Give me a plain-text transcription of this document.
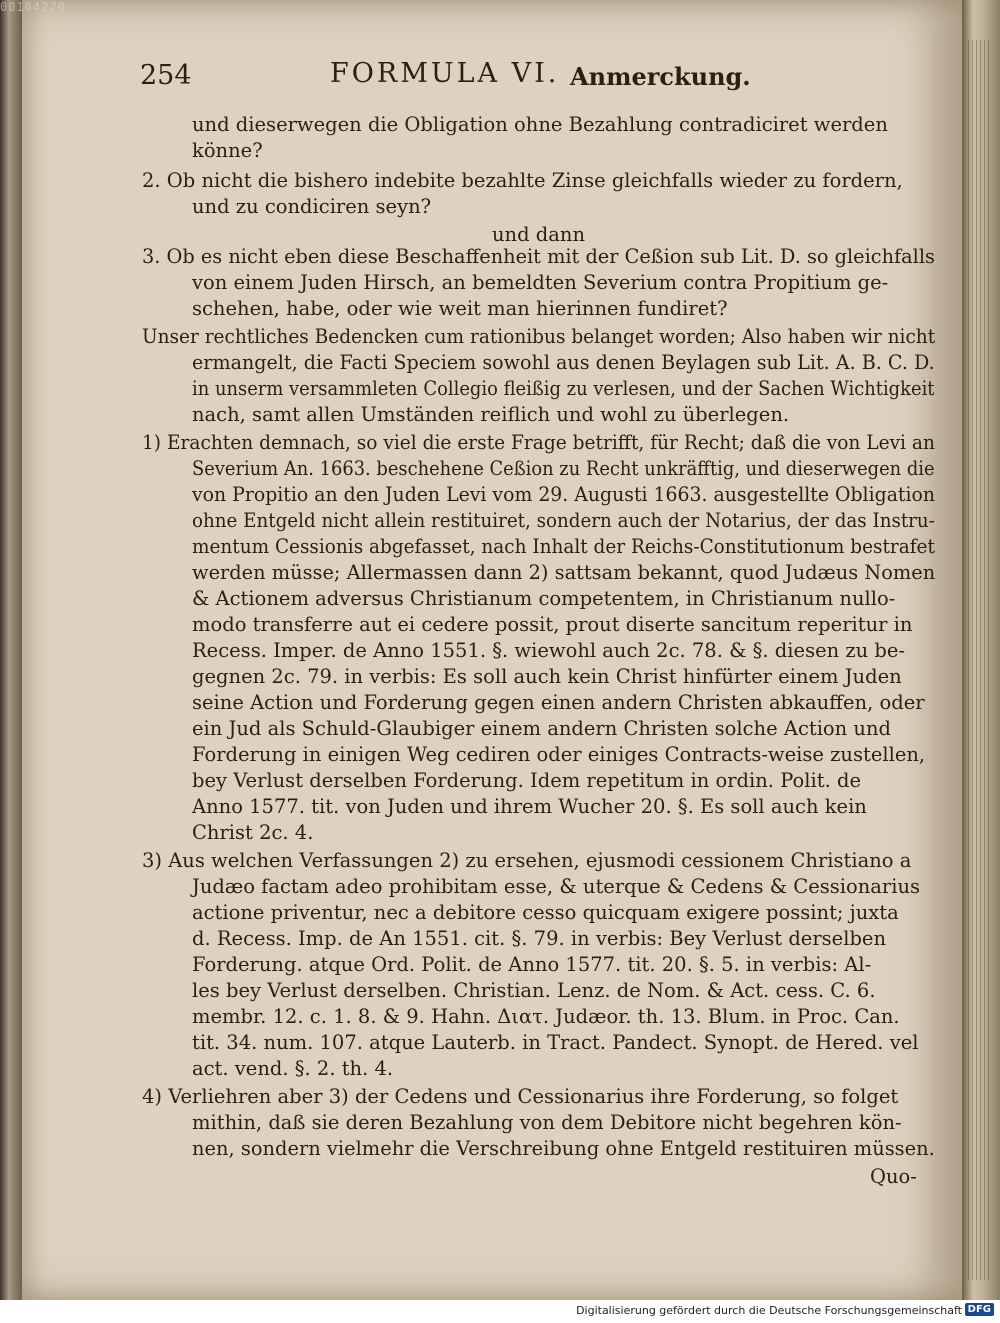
00104270
254	FORMULA VI. Anmerckung.
und dieserwegen die Obligation ohne Bezahlung contradiciret werden
könne?
2. Ob nicht die bishero indebite bezahlte Zinse gleichfalls wieder zu fordern,
und zu condiciren seyn?
und dann
3. Ob es nicht eben diese Beschaffenheit mit der Ceßion sub Lit. D. so gleichfalls
von einem Juden Hirsch, an bemeldten Severium contra Propitium ge-
schehen, habe, oder wie weit man hierinnen fundiret?
Unser rechtliches Bedencken cum rationibus belanget worden; Also haben wir nicht
ermangelt, die Facti Speciem sowohl aus denen Beylagen sub Lit. A. B. C. D.
in unserm versammleten Collegio fleißig zu verlesen, und der Sachen Wichtigkeit
nach, samt allen Umständen reiflich und wohl zu überlegen.
1) Erachten demnach, so viel die erste Frage betrifft, für Recht; daß die von Levi an
Severium An. 1663. beschehene Ceßion zu Recht unkräfftig, und dieserwegen die
von Propitio an den Juden Levi vom 29. Augusti 1663. ausgestellte Obligation
ohne Entgeld nicht allein restituiret, sondern auch der Notarius, der das Instru-
mentum Cessionis abgefasset, nach Inhalt der Reichs-Constitutionum bestrafet
werden müsse; Allermassen dann 2) sattsam bekannt, quod Judæus Nomen
& Actionem adversus Christianum competentem, in Christianum nullo-
modo transferre aut ei cedere possit, prout diserte sancitum reperitur in
Recess. Imper. de Anno 1551. §. wiewohl auch 2c. 78. & §. diesen zu be-
gegnen 2c. 79. in verbis: Es soll auch kein Christ hinfürter einem Juden
seine Action und Forderung gegen einen andern Christen abkauffen, oder
ein Jud als Schuld-Glaubiger einem andern Christen solche Action und
Forderung in einigen Weg cediren oder einiges Contracts-weise zustellen,
bey Verlust derselben Forderung. Idem repetitum in ordin. Polit. de
Anno 1577. tit. von Juden und ihrem Wucher 20. §. Es soll auch kein
Christ 2c. 4.
3) Aus welchen Verfassungen 2) zu ersehen, ejusmodi cessionem Christiano a
Judæo factam adeo prohibitam esse, & uterque & Cedens & Cessionarius
actione priventur, nec a debitore cesso quicquam exigere possint; juxta
d. Recess. Imp. de An 1551. cit. §. 79. in verbis: Bey Verlust derselben
Forderung. atque Ord. Polit. de Anno 1577. tit. 20. §. 5. in verbis: Al-
les bey Verlust derselben. Christian. Lenz. de Nom. & Act. cess. C. 6.
membr. 12. c. 1. 8. & 9. Hahn. Διατ. Judæor. th. 13. Blum. in Proc. Can.
tit. 34. num. 107. atque Lauterb. in Tract. Pandect. Synopt. de Hered. vel
act. vend. §. 2. th. 4.
4) Verliehren aber 3) der Cedens und Cessionarius ihre Forderung, so folget
mithin, daß sie deren Bezahlung von dem Debitore nicht begehren kön-
nen, sondern vielmehr die Verschreibung ohne Entgeld restituiren müssen.
Quo-
Digitalisierung gefördert durch die Deutsche Forschungsgemeinschaft DFG
